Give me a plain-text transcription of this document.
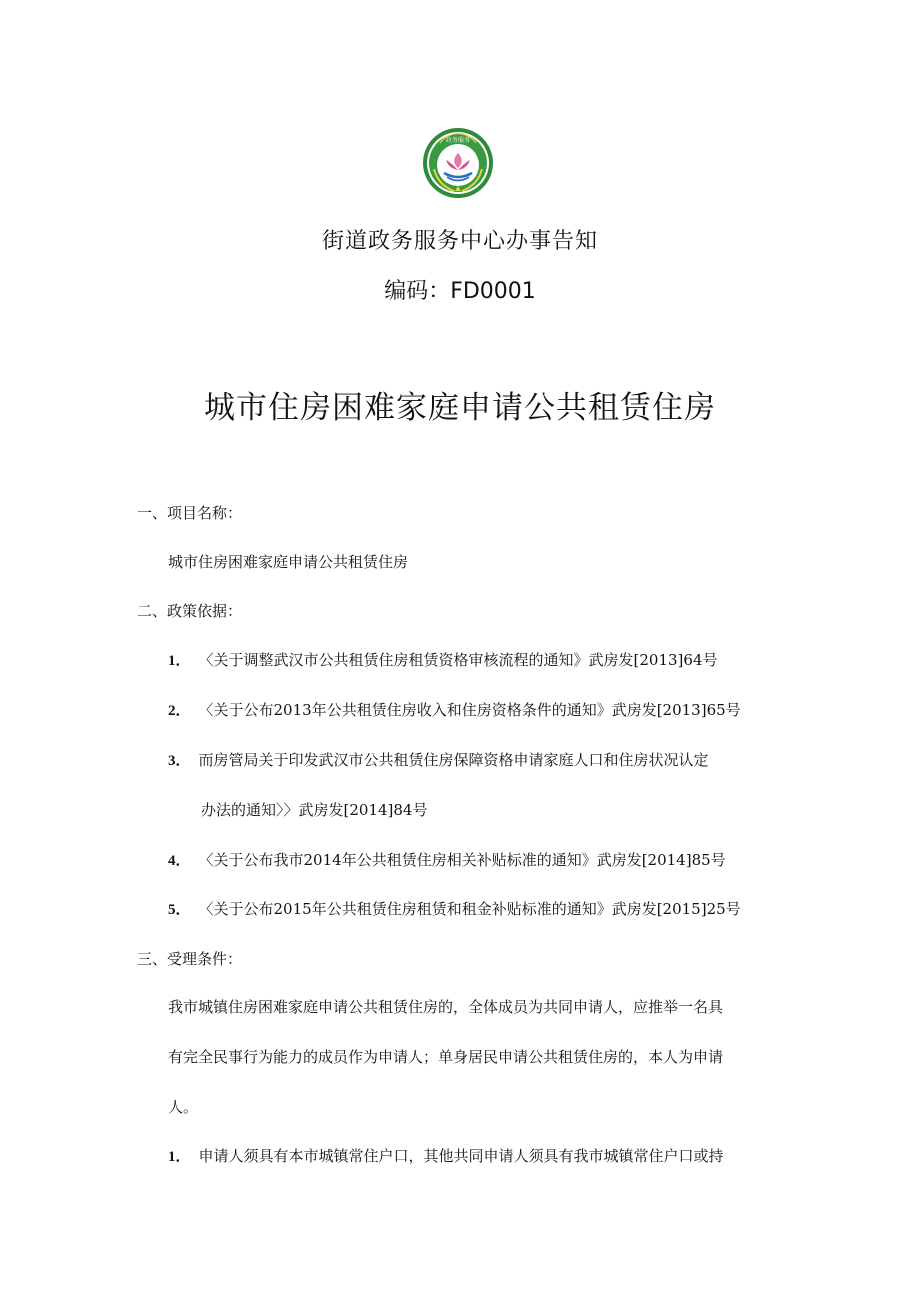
政务服务
街道政务服务中心办事告知
编码：FD0001
城市住房困难家庭申请公共租赁住房
一、项目名称：
城市住房困难家庭申请公共租赁住房
二、政策依据：
1． 〈关于调整武汉市公共租赁住房租赁资格审核流程的通知》武房发[2013]64号
2． 〈关于公布2013年公共租赁住房收入和住房资格条件的通知》武房发[2013]65号
3． 而房管局关于印发武汉市公共租赁住房保障资格申请家庭人口和住房状况认定
办法的通知〉〉武房发[2014]84号
4． 〈关于公布我市2014年公共租赁住房相关补贴标准的通知》武房发[2014]85号
5． 〈关于公布2015年公共租赁住房租赁和租金补贴标准的通知》武房发[2015]25号
三、受理条件：
我市城镇住房困难家庭申请公共租赁住房的，全体成员为共同申请人，应推举一名具
有完全民事行为能力的成员作为申请人；单身居民申请公共租赁住房的，本人为申请
人。
1． 申请人须具有本市城镇常住户口，其他共同申请人须具有我市城镇常住户口或持
